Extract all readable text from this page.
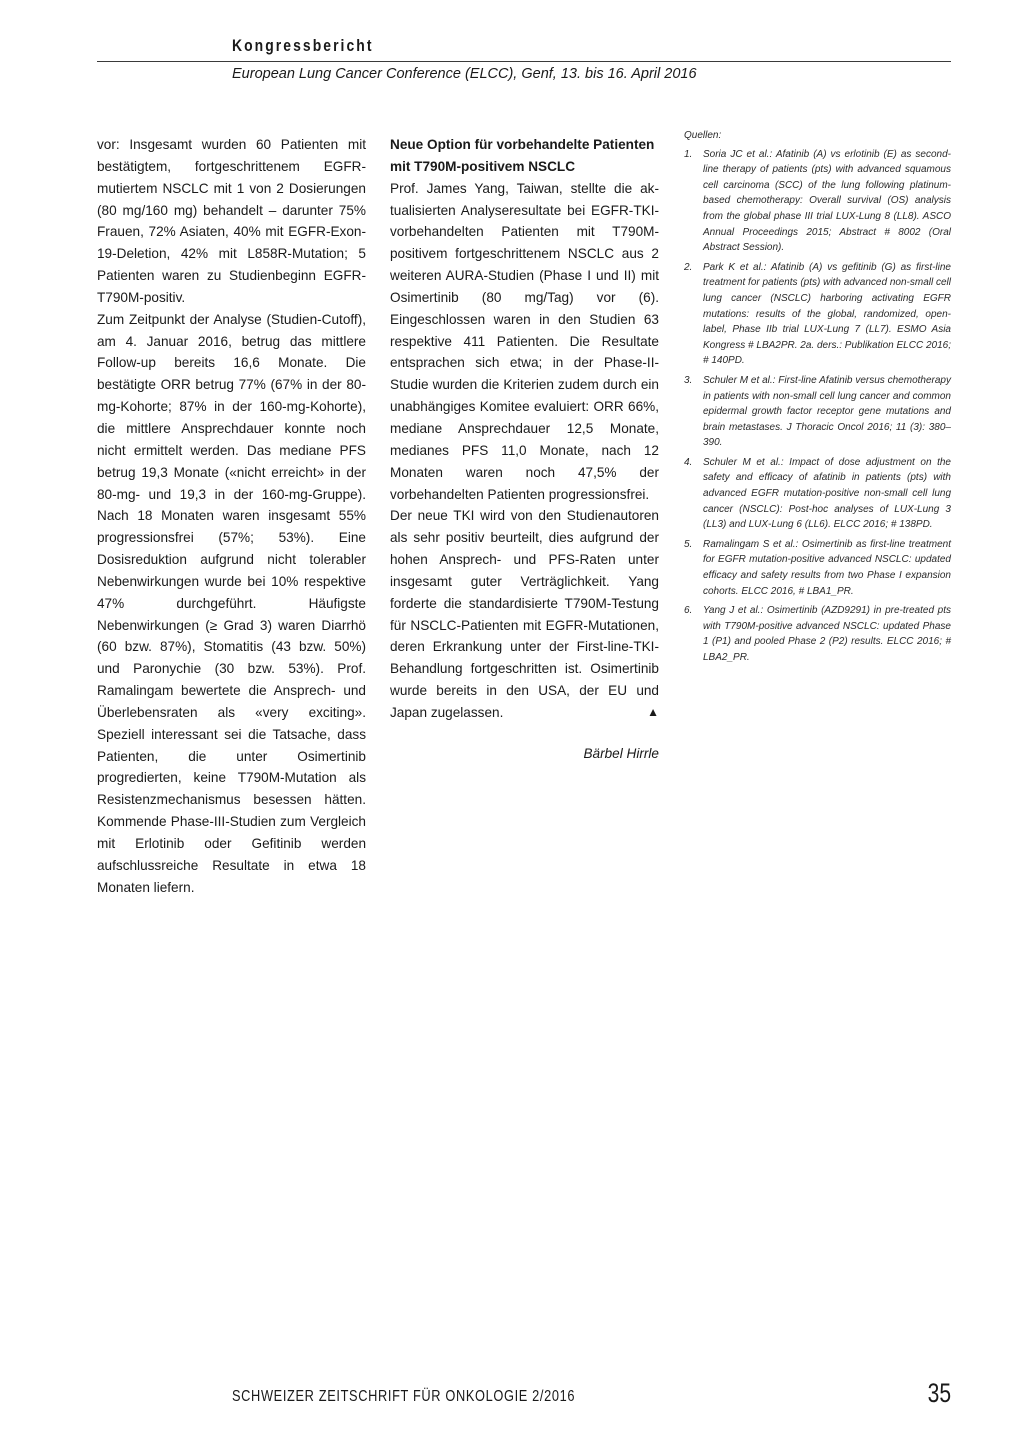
Kongressbericht
European Lung Cancer Conference (ELCC), Genf, 13. bis 16. April 2016

vor: Insgesamt wurden 60 Patienten mit bestätigtem, fortgeschrittenem EGFR-mutiertem NSCLC mit 1 von 2 Dosierungen (80 mg/160 mg) behandelt – darunter 75% Frauen, 72% Asiaten, 40% mit EGFR-Exon-19-Deletion, 42% mit L858R-Mutation; 5 Patienten waren zu Studienbeginn EGFR-T790M-positiv.

Zum Zeitpunkt der Analyse (Studien-Cutoff), am 4. Januar 2016, betrug das mittlere Follow-up bereits 16,6 Monate. Die bestätigte ORR betrug 77% (67% in der 80-mg-Kohorte; 87% in der 160-mg-Kohorte), die mittlere Ansprechdauer konnte noch nicht ermittelt werden. Das mediane PFS betrug 19,3 Monate («nicht erreicht» in der 80-mg- und 19,3 in der 160-mg-Gruppe). Nach 18 Monaten waren insgesamt 55% progressionsfrei (57%; 53%). Eine Dosisreduktion aufgrund nicht tolerabler Nebenwirkungen wurde bei 10% respektive 47% durchgeführt. Häufigste Nebenwirkungen (≥ Grad 3) waren Diarrhö (60 bzw. 87%), Stomatitis (43 bzw. 50%) und Paronychie (30 bzw. 53%). Prof. Ramalingam bewertete die Ansprech- und Überlebensraten als «very exciting». Speziell interessant sei die Tatsache, dass Patienten, die unter Osimertinib progredierten, keine T790M-Mutation als Resistenzmechanismus besessen hätten. Kommende Phase-III-Studien zum Vergleich mit Erlotinib oder Gefitinib werden aufschlussreiche Resultate in etwa 18 Monaten liefern.

Neue Option für vorbehandelte Patienten mit T790M-positivem NSCLC

Prof. James Yang, Taiwan, stellte die aktualisierten Analyseresultate bei EGFR-TKI-vorbehandelten Patienten mit T790M-positivem fortgeschrittenem NSCLC aus 2 weiteren AURA-Studien (Phase I und II) mit Osimertinib (80 mg/Tag) vor (6). Eingeschlossen waren in den Studien 63 respektive 411 Patienten. Die Resultate entsprachen sich etwa; in der Phase-II-Studie wurden die Kriterien zudem durch ein unabhängiges Komitee evaluiert: ORR 66%, mediane Ansprechdauer 12,5 Monate, medianes PFS 11,0 Monate, nach 12 Monaten waren noch 47,5% der vorbehandelten Patienten progressionsfrei.

Der neue TKI wird von den Studienautoren als sehr positiv beurteilt, dies aufgrund der hohen Ansprech- und PFS-Raten unter insgesamt guter Verträglichkeit. Yang forderte die standardisierte T790M-Testung für NSCLC-Patienten mit EGFR-Mutationen, deren Erkrankung unter der First-line-TKI-Behandlung fortgeschritten ist. Osimertinib wurde bereits in den USA, der EU und Japan zugelassen.	▲

Bärbel Hirrle

Quellen:

1. Soria JC et al.: Afatinib (A) vs erlotinib (E) as second-line therapy of patients (pts) with advanced squamous cell carcinoma (SCC) of the lung following platinum-based chemotherapy: Overall survival (OS) analysis from the global phase III trial LUX-Lung 8 (LL8). ASCO Annual Proceedings 2015; Abstract # 8002 (Oral Abstract Session).
2. Park K et al.: Afatinib (A) vs gefitinib (G) as first-line treatment for patients (pts) with advanced non-small cell lung cancer (NSCLC) harboring activating EGFR mutations: results of the global, randomized, open-label, Phase IIb trial LUX-Lung 7 (LL7). ESMO Asia Kongress # LBA2PR. 2a. ders.: Publikation ELCC 2016; # 140PD.
3. Schuler M et al.: First-line Afatinib versus chemotherapy in patients with non-small cell lung cancer and common epidermal growth factor receptor gene mutations and brain metastases. J Thoracic Oncol 2016; 11 (3): 380–390.
4. Schuler M et al.: Impact of dose adjustment on the safety and efficacy of afatinib in patients (pts) with advanced EGFR mutation-positive non-small cell lung cancer (NSCLC): Post-hoc analyses of LUX-Lung 3 (LL3) and LUX-Lung 6 (LL6). ELCC 2016; # 138PD.
5. Ramalingam S et al.: Osimertinib as first-line treatment for EGFR mutation-positive advanced NSCLC: updated efficacy and safety results from two Phase I expansion cohorts. ELCC 2016, # LBA1_PR.
6. Yang J et al.: Osimertinib (AZD9291) in pre-treated pts with T790M-positive advanced NSCLC: updated Phase 1 (P1) and pooled Phase 2 (P2) results. ELCC 2016; # LBA2_PR.
SCHWEIZER ZEITSCHRIFT FÜR ONKOLOGIE 2/2016	35
